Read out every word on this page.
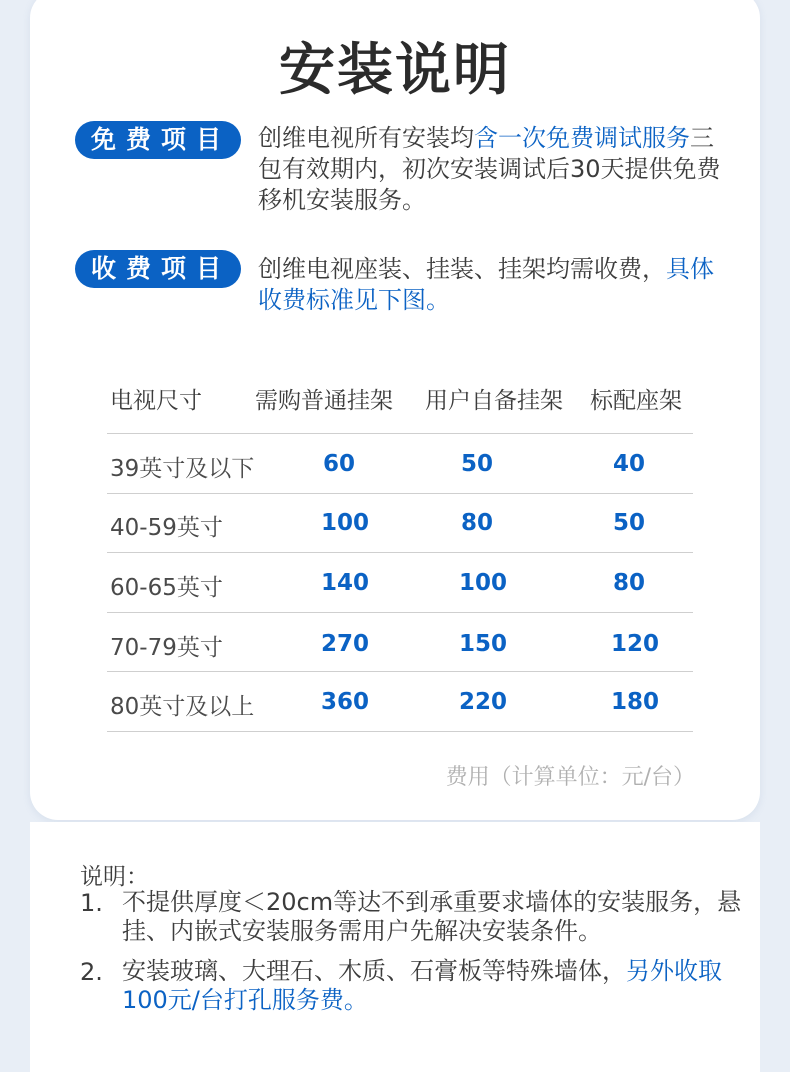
安装说明
免费项目	创维电视所有安装均含一次免费调试服务三包有效期内，初次安装调试后30天提供免费移机安装服务。
收费项目	创维电视座装、挂装、挂架均需收费，具体收费标准见下图。
电视尺寸 需购普通挂架 用户自备挂架 标配座架
39英寸及以下	60	50	40
40-59英寸	100	80	50
60-65英寸	140	100	80
70-79英寸	270	150	120
80英寸及以上	360	220	180
费用（计算单位：元/台）
说明：
1. 不提供厚度＜20cm等达不到承重要求墙体的安装服务，悬挂、内嵌式安装服务需用户先解决安装条件。
2. 安装玻璃、大理石、木质、石膏板等特殊墙体，另外收取100元/台打孔服务费。
